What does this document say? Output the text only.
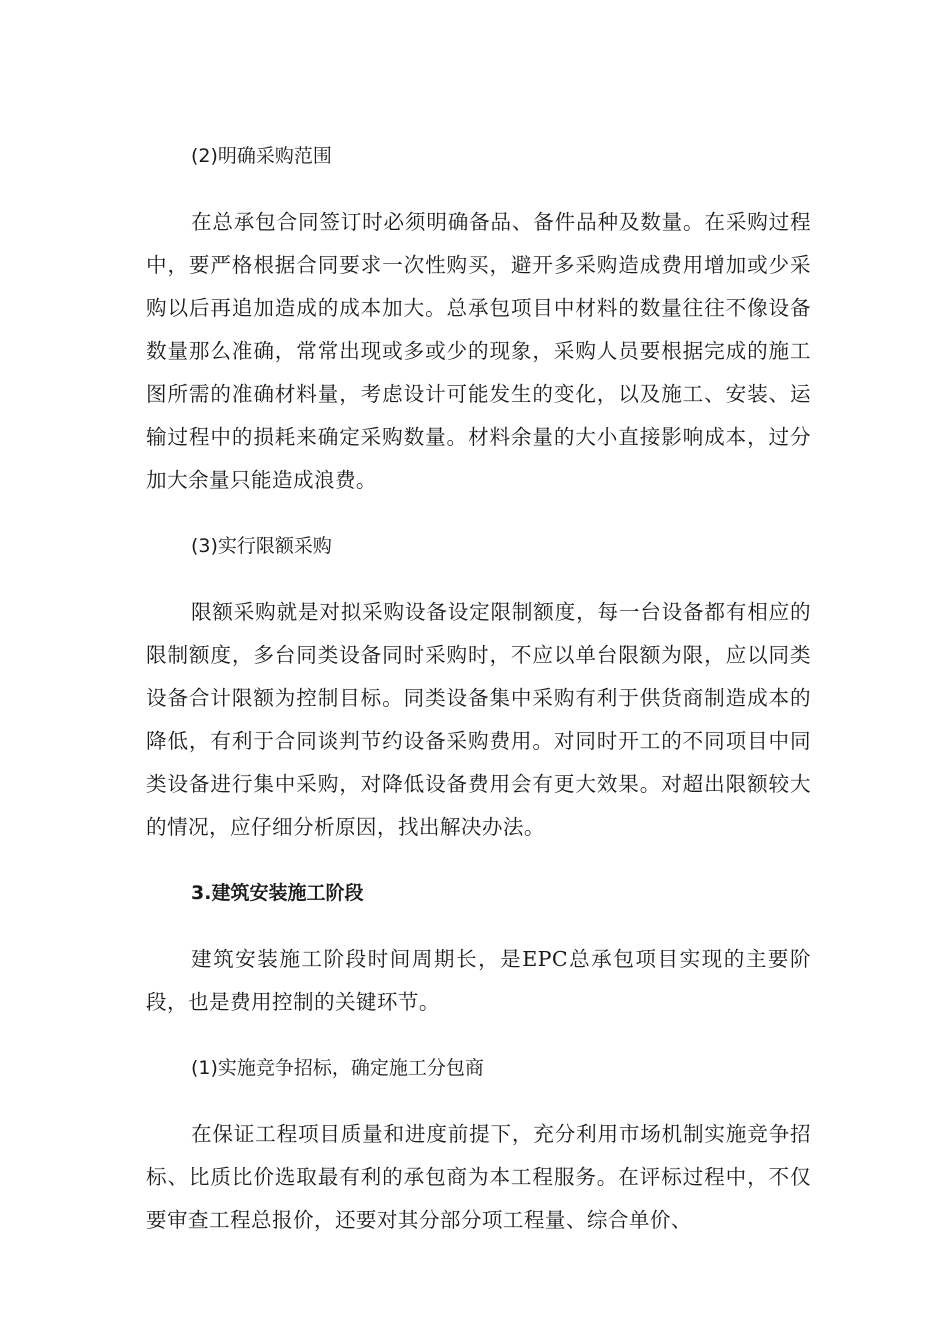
(2)明确采购范围

在总承包合同签订时必须明确备品、备件品种及数量。在采购过程中，要严格根据合同要求一次性购买，避开多采购造成费用增加或少采购以后再追加造成的成本加大。总承包项目中材料的数量往往不像设备数量那么准确，常常出现或多或少的现象，采购人员要根据完成的施工图所需的准确材料量，考虑设计可能发生的变化，以及施工、安装、运输过程中的损耗来确定采购数量。材料余量的大小直接影响成本，过分加大余量只能造成浪费。

(3)实行限额采购

限额采购就是对拟采购设备设定限制额度，每一台设备都有相应的限制额度，多台同类设备同时采购时，不应以单台限额为限，应以同类设备合计限额为控制目标。同类设备集中采购有利于供货商制造成本的降低，有利于合同谈判节约设备采购费用。对同时开工的不同项目中同类设备进行集中采购，对降低设备费用会有更大效果。对超出限额较大的情况，应仔细分析原因，找出解决办法。

3.建筑安装施工阶段

建筑安装施工阶段时间周期长，是EPC总承包项目实现的主要阶段，也是费用控制的关键环节。

(1)实施竞争招标，确定施工分包商

在保证工程项目质量和进度前提下，充分利用市场机制实施竞争招标、比质比价选取最有利的承包商为本工程服务。在评标过程中，不仅要审查工程总报价，还要对其分部分项工程量、综合单价、
